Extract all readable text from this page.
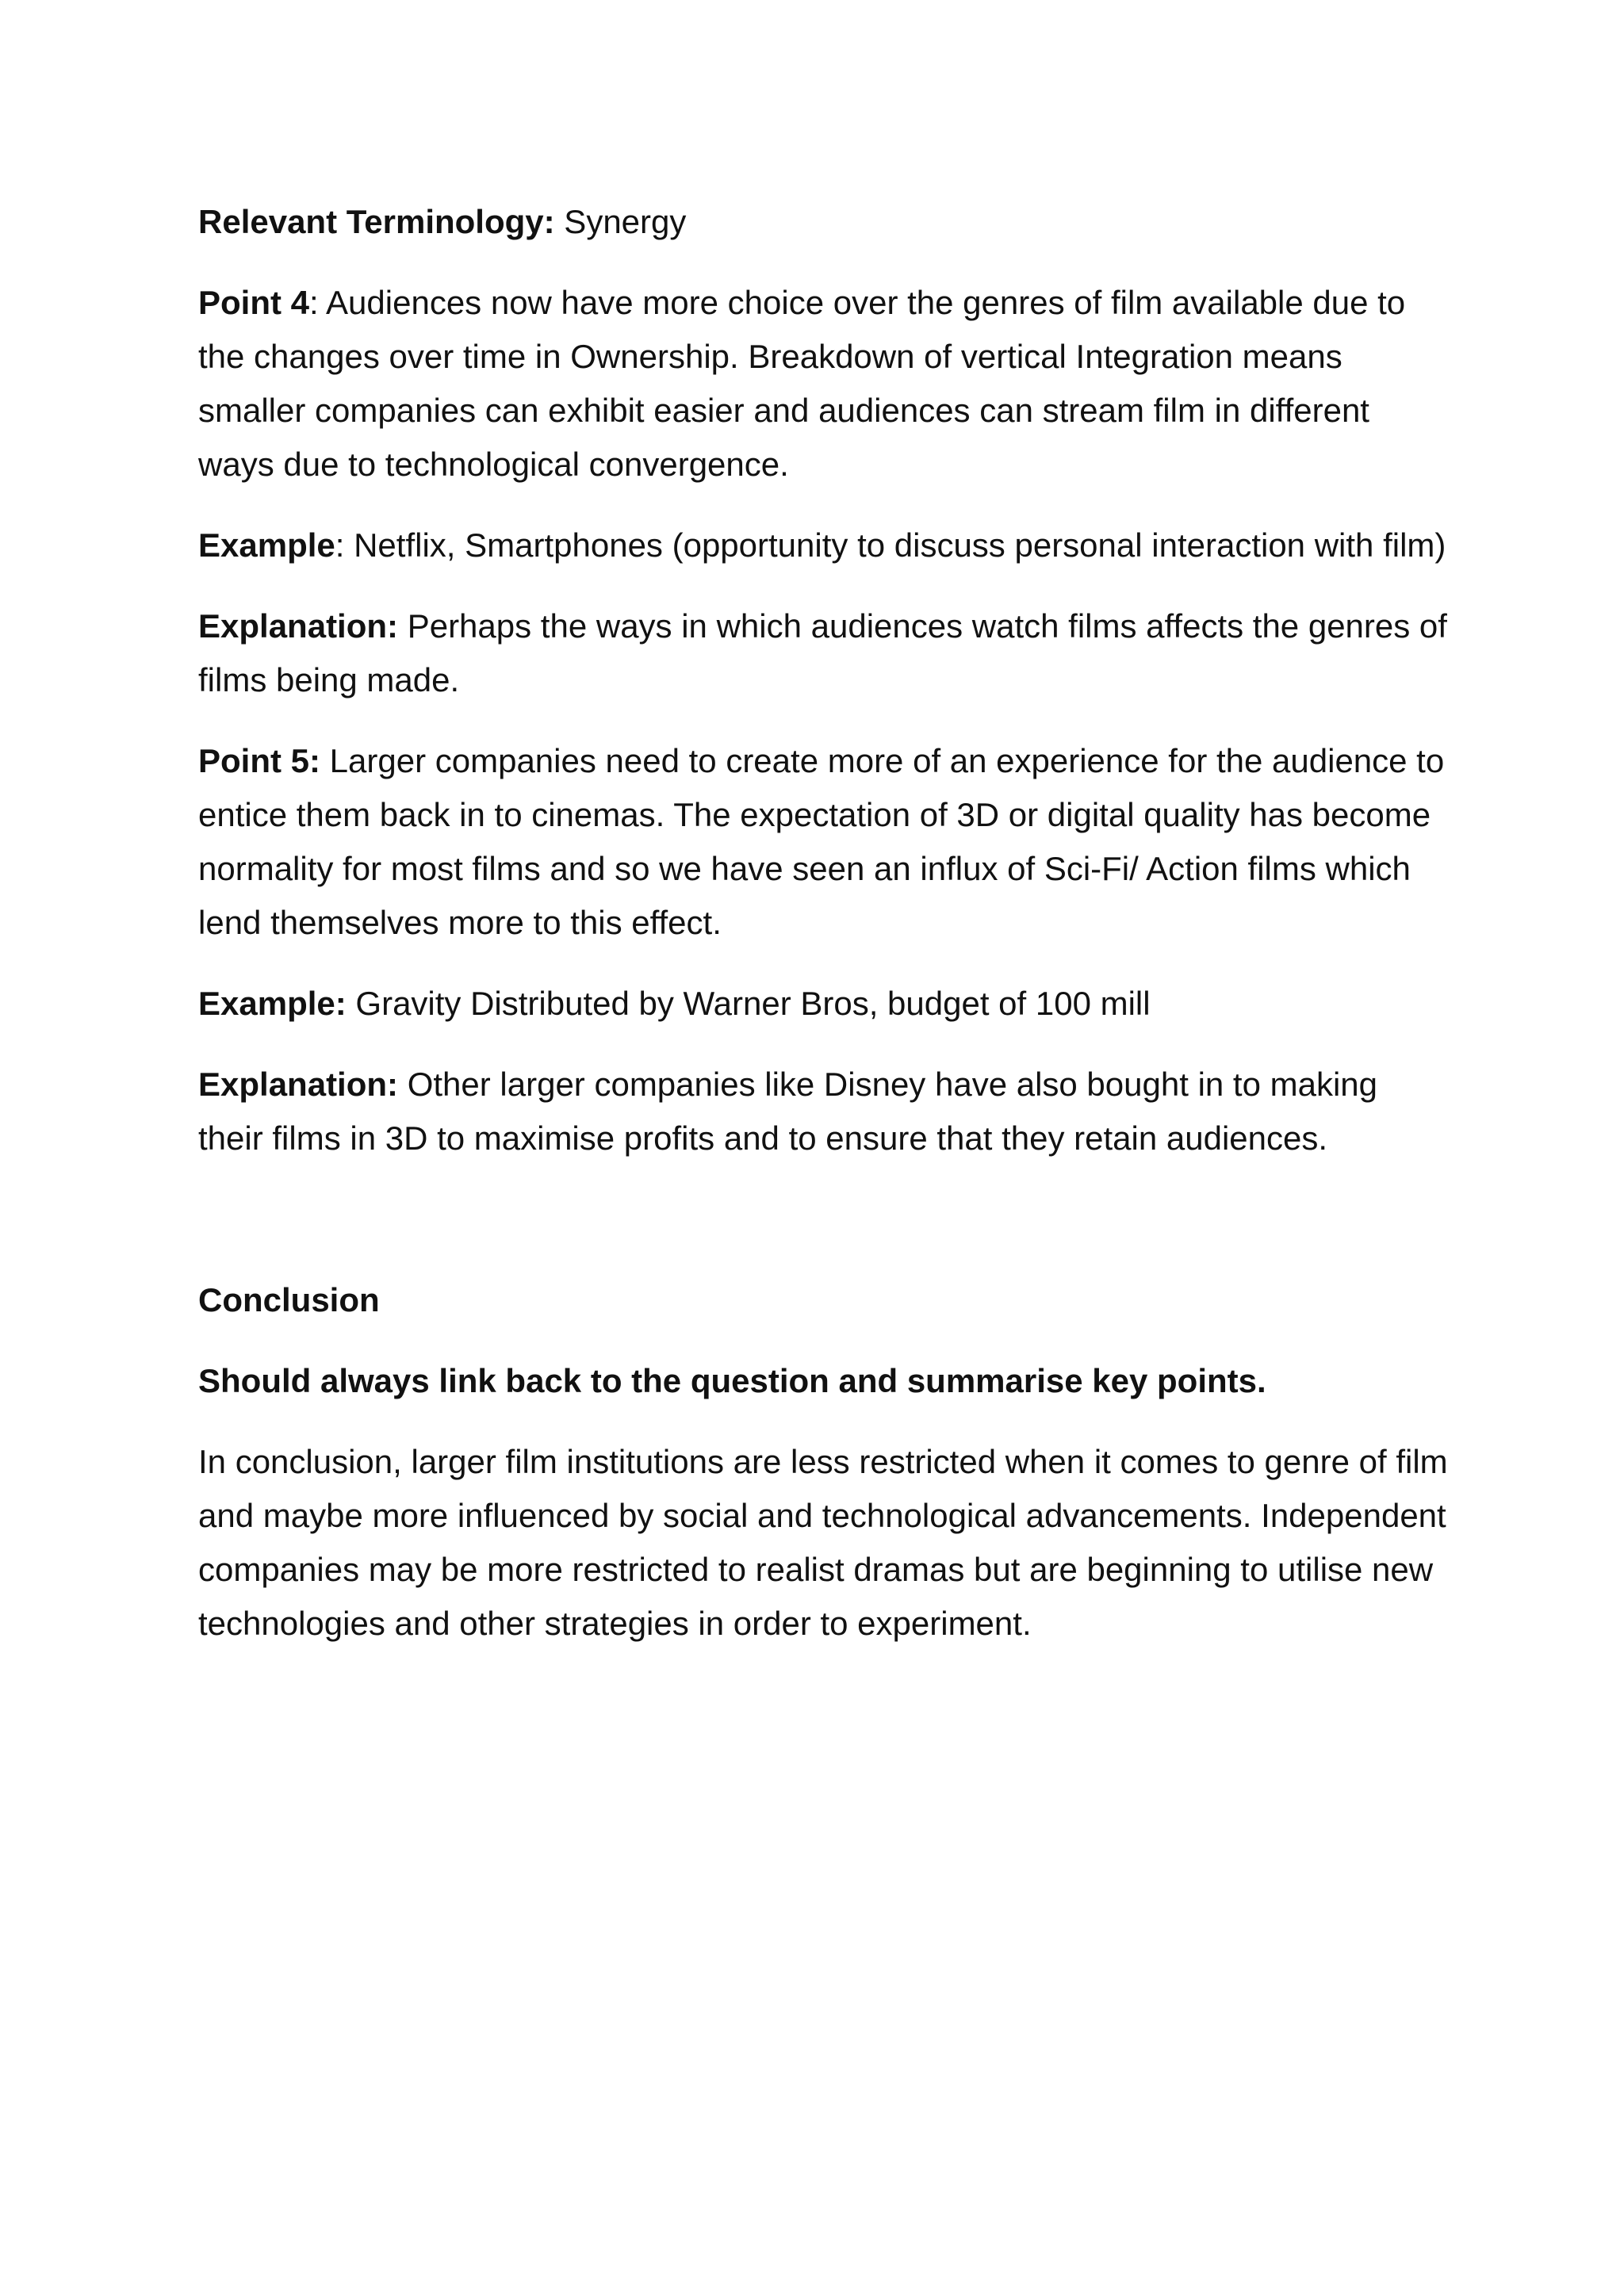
Relevant Terminology: Synergy

Point 4: Audiences now have more choice over the genres of film available due to the changes over time in Ownership. Breakdown of vertical Integration means smaller companies can exhibit easier and audiences can stream film in different ways due to technological convergence.

Example: Netflix, Smartphones (opportunity to discuss personal interaction with film)

Explanation: Perhaps the ways in which audiences watch films affects the genres of films being made.

Point 5: Larger companies need to create more of an experience for the audience to entice them back in to cinemas. The expectation of 3D or digital quality has become normality for most films and so we have seen an influx of Sci-Fi/ Action films which lend themselves more to this effect.

Example: Gravity Distributed by Warner Bros, budget of 100 mill

Explanation: Other larger companies like Disney have also bought in to making their films in 3D to maximise profits and to ensure that they retain audiences.

Conclusion

Should always link back to the question and summarise key points.

In conclusion, larger film institutions are less restricted when it comes to genre of film and maybe more influenced by social and technological advancements. Independent companies may be more restricted to realist dramas but are beginning to utilise new technologies and other strategies in order to experiment.
